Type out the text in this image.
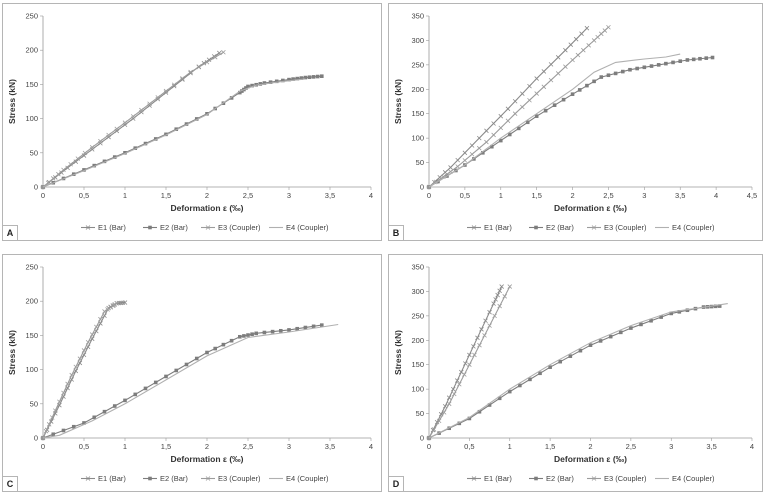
0
50
100
150
200
250
0	0,5	1	1,5	2	2,5	3	3,5	4
Deformation ε (‰)
Stress (kN)
E1 (Bar)	E2 (Bar)	E3 (Coupler)	E4 (Coupler)
A
0
50
100
150
200
250
300
350
0	0,5	1	1,5	2	2,5	3	3,5	4	4,5
Deformation ε (‰)
Stress (kN)
E1 (Bar)	E2 (Bar)	E3 (Coupler)	E4 (Coupler)
B
0
50
100
150
200
250
0	0,5	1	1,5	2	2,5	3	3,5	4
Deformation ε (‰)
Stress (kN)
E1 (Bar)	E2 (Bar)	E3 (Coupler)	E4 (Coupler)
C
0
50
100
150
200
250
300
350
0	0,5	1	1,5	2	2,5	3	3,5	4
Deformation ε (‰)
Stress (kN)
E1 (Bar)	E2 (Bar)	E3 (Coupler)	E4 (Coupler)
D
